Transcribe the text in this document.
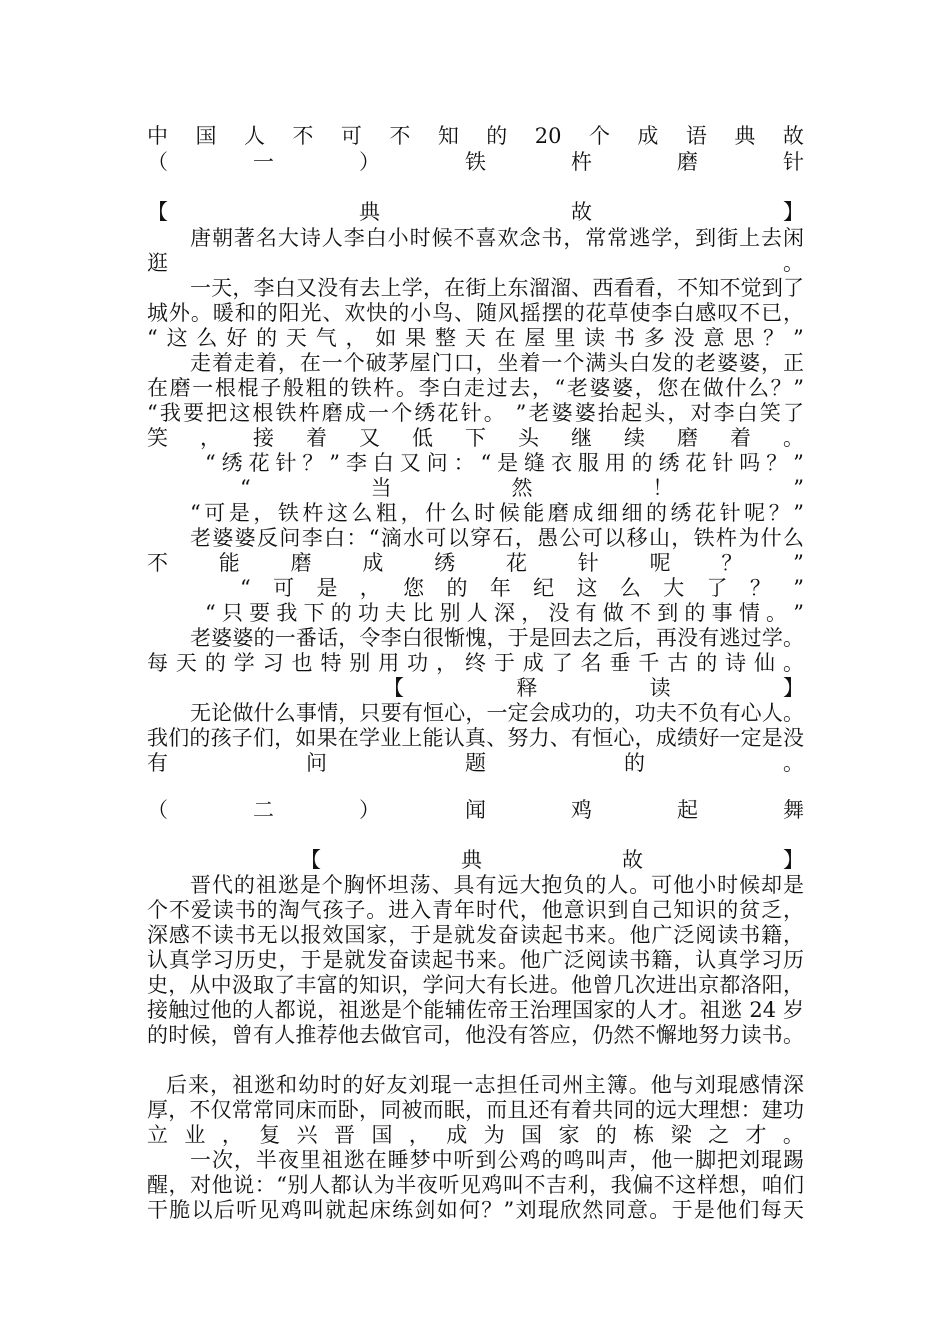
中 国 人 不 可 不 知 的 20 个 成 语 典 故
（	一	）	铁	杵	磨	针
【	典	故	】
唐朝著名大诗人李白小时候不喜欢念书，常常逃学，到街上去闲
逛	。
一天，李白又没有去上学，在街上东溜溜、西看看，不知不觉到了
城外。暖和的阳光、欢快的小鸟、随风摇摆的花草使李白感叹不已，
“ 这 么 好 的 天 气 ， 如 果 整 天 在 屋 里 读 书 多 没 意 思 ？ ”
走着走着，在一个破茅屋门口，坐着一个满头白发的老婆婆，正
在磨一根棍子般粗的铁杵。李白走过去，“老婆婆，您在做什么？”
“我要把这根铁杵磨成一个绣花针。 ”老婆婆抬起头，对李白笑了
笑 ， 接 着 又 低 下 头 继 续 磨 着 。
“ 绣 花 针 ？ ” 李 白 又 问 ： “ 是 缝 衣 服 用 的 绣 花 针 吗 ？ ”
“	当	然	！	”
“可是，铁杵这么粗，什么时候能磨成细细的绣花针呢？”
老婆婆反问李白：“滴水可以穿石，愚公可以移山，铁杵为什么
不 能 磨 成 绣 花 针 呢 ？ ”
“ 可 是 ， 您 的 年 纪 这 么 大 了 ？ ”
“ 只 要 我 下 的 功 夫 比 别 人 深 ， 没 有 做 不 到 的 事 情 。 ”
老婆婆的一番话，令李白很惭愧，于是回去之后，再没有逃过学。
每 天 的 学 习 也 特 别 用 功 ， 终 于 成 了 名 垂 千 古 的 诗 仙 。
【	释	读	】
无论做什么事情，只要有恒心，一定会成功的，功夫不负有心人。
我们的孩子们，如果在学业上能认真、努力、有恒心，成绩好一定是没
有	问	题	的	。
（	二	）	闻	鸡	起	舞
【	典	故	】
晋代的祖逖是个胸怀坦荡、具有远大抱负的人。可他小时候却是
个不爱读书的淘气孩子。进入青年时代，他意识到自己知识的贫乏，
深感不读书无以报效国家，于是就发奋读起书来。他广泛阅读书籍，
认真学习历史，于是就发奋读起书来。他广泛阅读书籍，认真学习历
史，从中汲取了丰富的知识，学问大有长进。他曾几次进出京都洛阳，
接触过他的人都说，祖逖是个能辅佐帝王治理国家的人才。祖逖 24 岁
的时候，曾有人推荐他去做官司，他没有答应，仍然不懈地努力读书。
后来，祖逖和幼时的好友刘琨一志担任司州主簿。他与刘琨感情深
厚，不仅常常同床而卧，同被而眠，而且还有着共同的远大理想：建功
立 业 ， 复 兴 晋 国 ， 成 为 国 家 的 栋 梁 之 才 。
一次，半夜里祖逖在睡梦中听到公鸡的鸣叫声，他一脚把刘琨踢
醒，对他说：“别人都认为半夜听见鸡叫不吉利，我偏不这样想，咱们
干脆以后听见鸡叫就起床练剑如何？”刘琨欣然同意。于是他们每天
